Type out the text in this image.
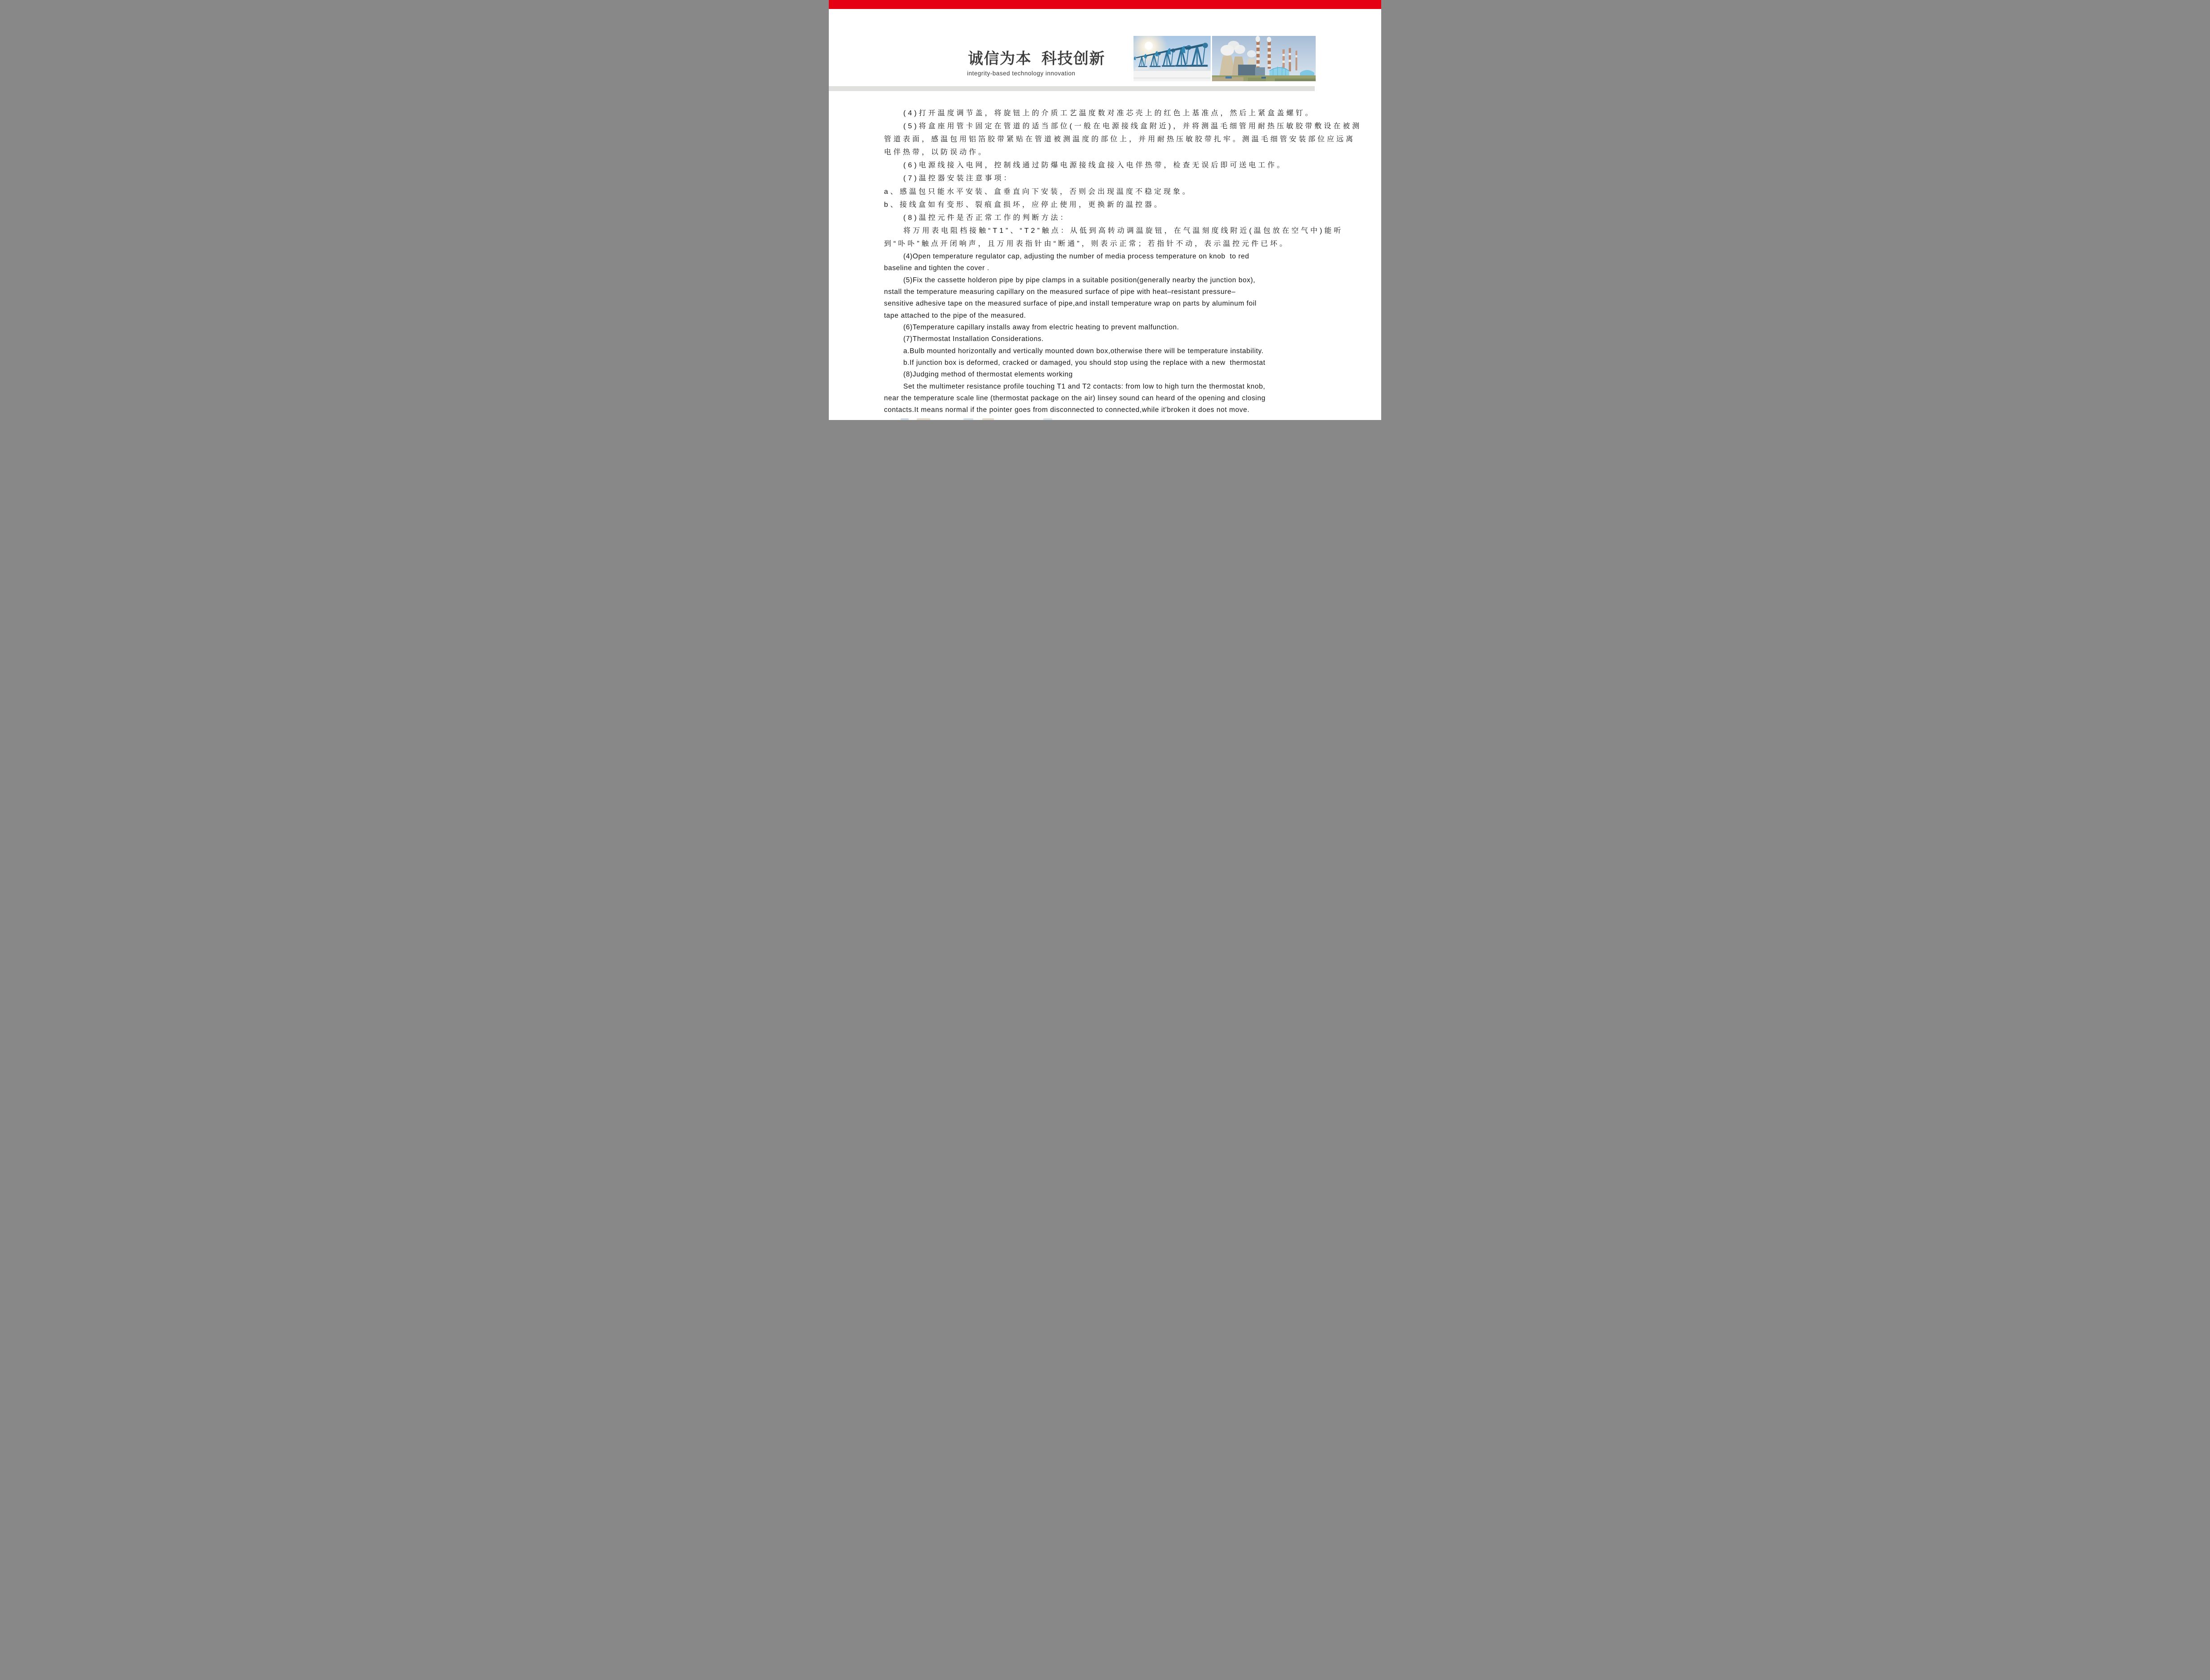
诚信为本  科技创新
integrity-based technology innovation
(4)打开温度调节盖，将旋钮上的介质工艺温度数对准芯壳上的红色上基准点，然后上紧盒盖螺钉。
(5)将盒座用管卡固定在管道的适当部位(一般在电源接线盒附近)，并将测温毛细管用耐热压敏胶带敷设在被测
管道表面，感温包用铝箔胶带紧贴在管道被测温度的部位上，并用耐热压敏胶带扎牢。测温毛细管安装部位应远离
电伴热带，以防误动作。
(6)电源线接入电网，控制线通过防爆电源接线盒接入电伴热带，检查无误后即可送电工作。
(7)温控器安装注意事项：
a、感温包只能水平安装、盒垂直向下安装，否则会出现温度不稳定现象。
b、接线盒如有变形、裂痕盒损坏，应停止使用，更换新的温控器。
(8)温控元件是否正常工作的判断方法：
将万用表电阻档接触“T1”、“T2”触点：从低到高转动调温旋钮，在气温刻度线附近(温包放在空气中)能听
到“卟卟”触点开闭响声，且万用表指针由“断通”，则表示正常；若指针不动，表示温控元件已坏。
(4)Open temperature regulator cap, adjusting the number of media process temperature on knob  to red
baseline and tighten the cover .
(5)Fix the cassette holderon pipe by pipe clamps in a suitable position(generally nearby the junction box),
nstall the temperature measuring capillary on the measured surface of pipe with heat–resistant pressure–
sensitive adhesive tape on the measured surface of pipe,and install temperature wrap on parts by aluminum foil
tape attached to the pipe of the measured.
(6)Temperature capillary installs away from electric heating to prevent malfunction.
(7)Thermostat Installation Considerations.
a.Bulb mounted horizontally and vertically mounted down box,otherwise there will be temperature instability.
b.If junction box is deformed, cracked or damaged, you should stop using the replace with a new  thermostat
(8)Judging method of thermostat elements working
Set the multimeter resistance profile touching T1 and T2 contacts: from low to high turn the thermostat knob,
near the temperature scale line (thermostat package on the air) linsey sound can heard of the opening and closing
contacts.It means normal if the pointer goes from disconnected to connected,while it'broken it does not move.
